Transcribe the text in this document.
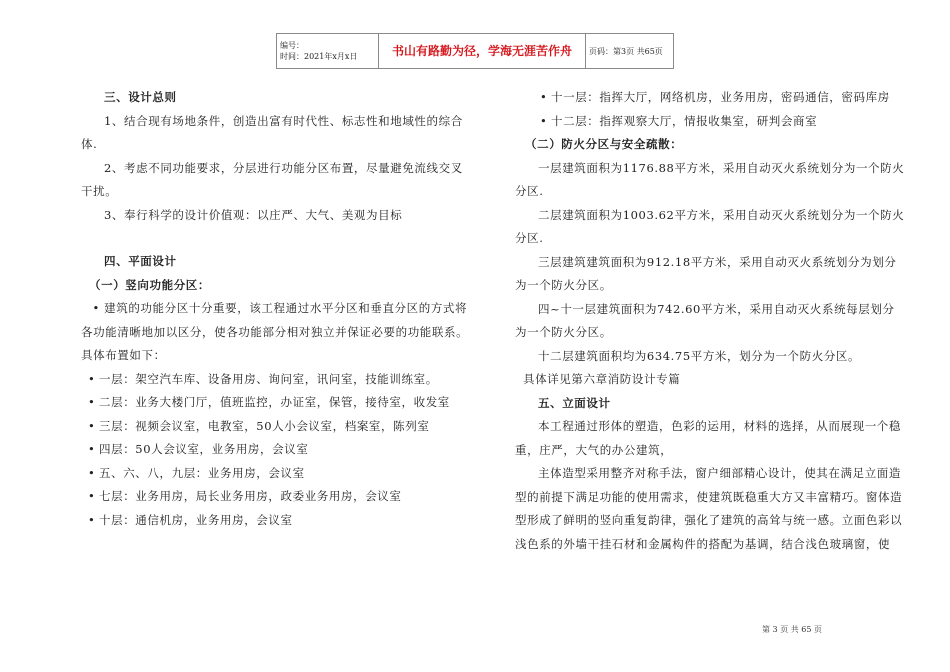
编号：
时间：2021年x月x日	书山有路勤为径，学海无涯苦作舟	页码：第3页 共65页

三、设计总则

1、结合现有场地条件，创造出富有时代性、标志性和地域性的综合体.

2、考虑不同功能要求，分层进行功能分区布置，尽量避免流线交叉干扰。

3、奉行科学的设计价值观：以庄严、大气、美观为目标

四、平面设计

（一）竖向功能分区：

• 建筑的功能分区十分重要，该工程通过水平分区和垂直分区的方式将各功能清晰地加以区分，使各功能部分相对独立并保证必要的功能联系。具体布置如下：

• 一层：架空汽车库、设备用房、询问室，讯问室，技能训练室。

• 二层：业务大楼门厅，值班监控，办证室，保管，接待室，收发室

• 三层：视频会议室，电教室，50人小会议室，档案室，陈列室

• 四层：50人会议室，业务用房，会议室

• 五、六、八，九层：业务用房，会议室

• 七层：业务用房，局长业务用房，政委业务用房，会议室

• 十层：通信机房，业务用房，会议室

• 十一层：指挥大厅，网络机房，业务用房，密码通信，密码库房

• 十二层：指挥观察大厅，情报收集室，研判会商室

（二）防火分区与安全疏散：

一层建筑面积为1176.88平方米，采用自动灭火系统划分为一个防火分区.

二层建筑面积为1003.62平方米，采用自动灭火系统划分为一个防火分区.

三层建筑建筑面积为912.18平方米，采用自动灭火系统划分为划分为一个防火分区。

四~十一层建筑面积为742.60平方米，采用自动灭火系统每层划分为一个防火分区。

十二层建筑面积均为634.75平方米，划分为一个防火分区。

具体详见第六章消防设计专篇

五、立面设计

本工程通过形体的塑造，色彩的运用，材料的选择，从而展现一个稳重，庄严，大气的办公建筑，

主体造型采用整齐对称手法，窗户细部精心设计，使其在满足立面造型的前提下满足功能的使用需求，使建筑既稳重大方又丰富精巧。窗体造型形成了鲜明的竖向重复韵律，强化了建筑的高耸与统一感。立面色彩以浅色系的外墙干挂石材和金属构件的搭配为基调，结合浅色玻璃窗，使

第 3 页 共 65 页
